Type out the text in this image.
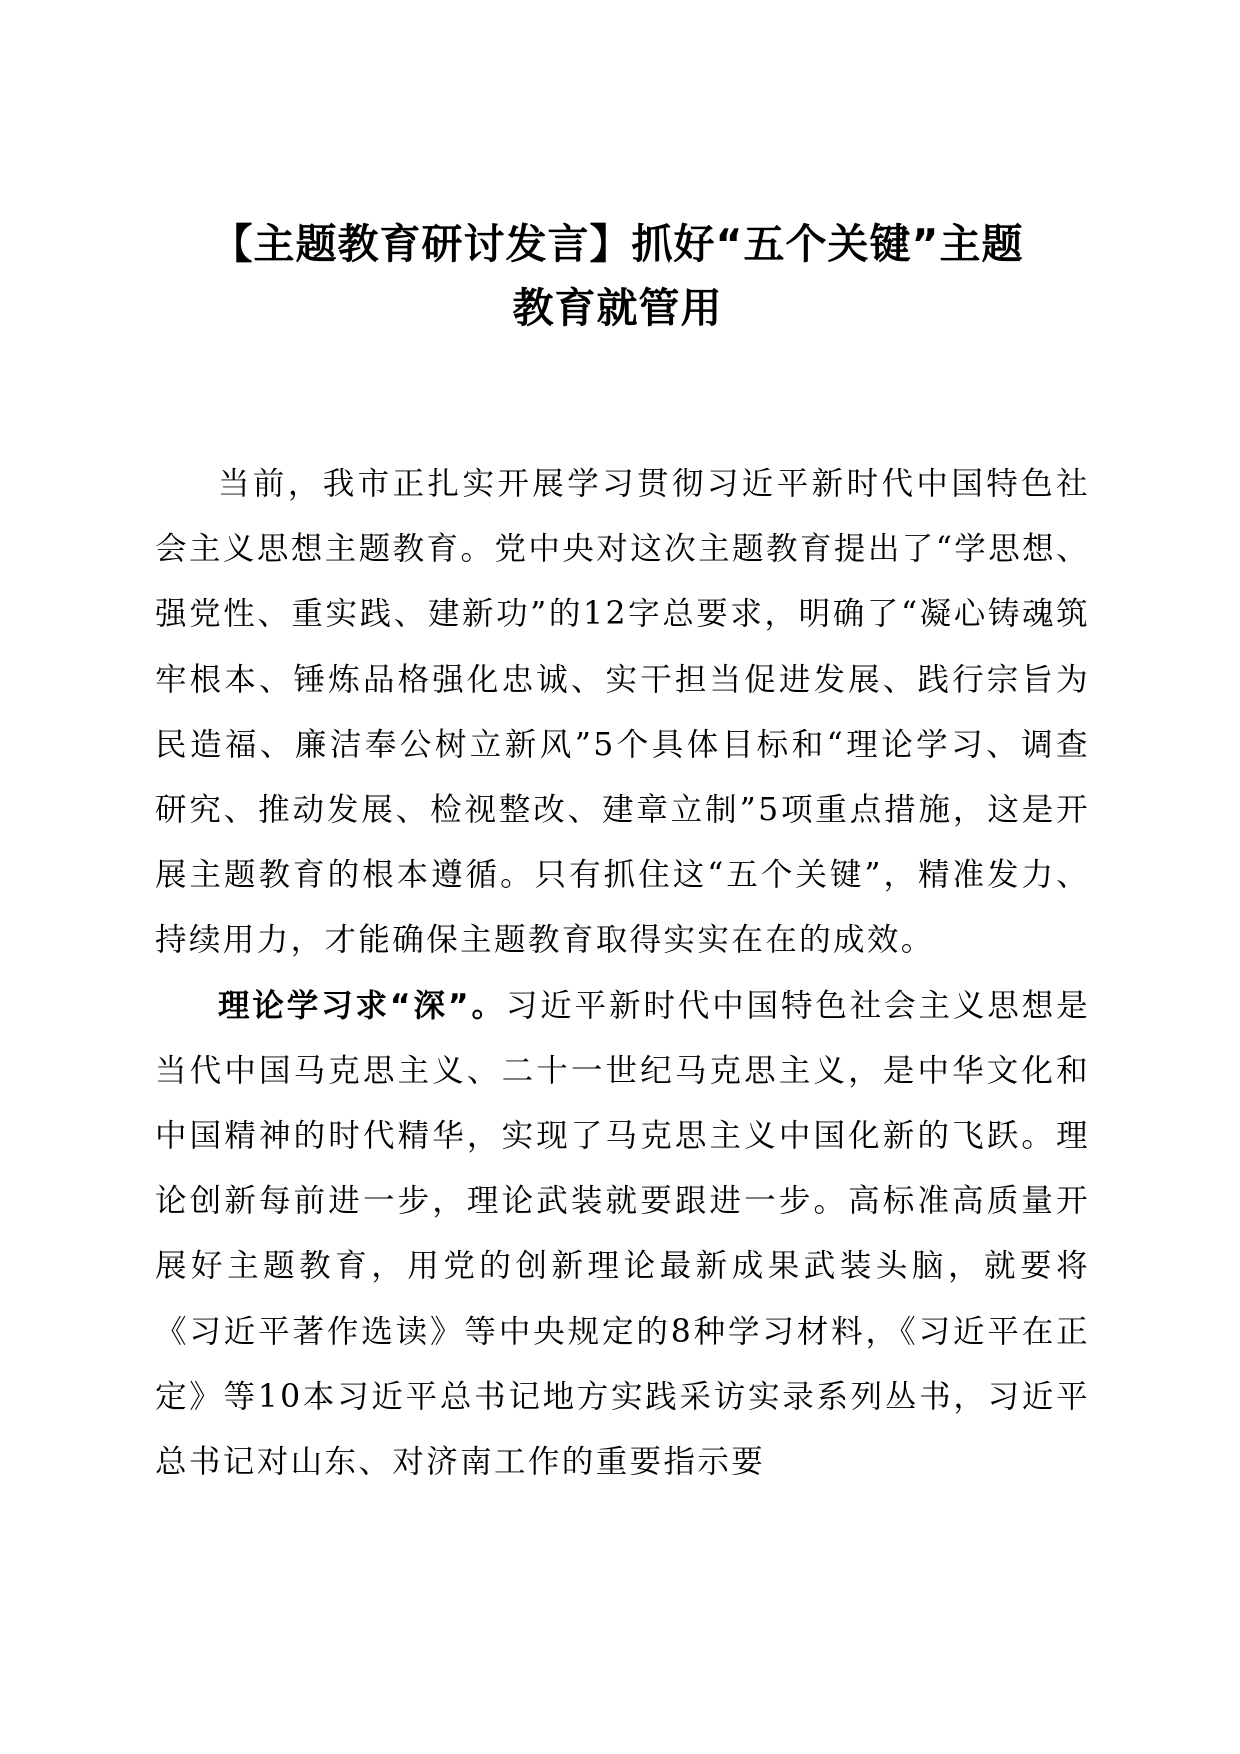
【主题教育研讨发言】抓好“五个关键”主题
教育就管用

当前，我市正扎实开展学习贯彻习近平新时代中国特色社会主义思想主题教育。党中央对这次主题教育提出了“学思想、强党性、重实践、建新功”的12字总要求，明确了“凝心铸魂筑牢根本、锤炼品格强化忠诚、实干担当促进发展、践行宗旨为民造福、廉洁奉公树立新风”5个具体目标和“理论学习、调查研究、推动发展、检视整改、建章立制”5项重点措施，这是开展主题教育的根本遵循。只有抓住这“五个关键”，精准发力、持续用力，才能确保主题教育取得实实在在的成效。

理论学习求“深”。习近平新时代中国特色社会主义思想是当代中国马克思主义、二十一世纪马克思主义，是中华文化和中国精神的时代精华，实现了马克思主义中国化新的飞跃。理论创新每前进一步，理论武装就要跟进一步。高标准高质量开展好主题教育，用党的创新理论最新成果武装头脑，就要将《习近平著作选读》等中央规定的8种学习材料，《习近平在正定》等10本习近平总书记地方实践采访实录系列丛书，习近平总书记对山东、对济南工作的重要指示要
